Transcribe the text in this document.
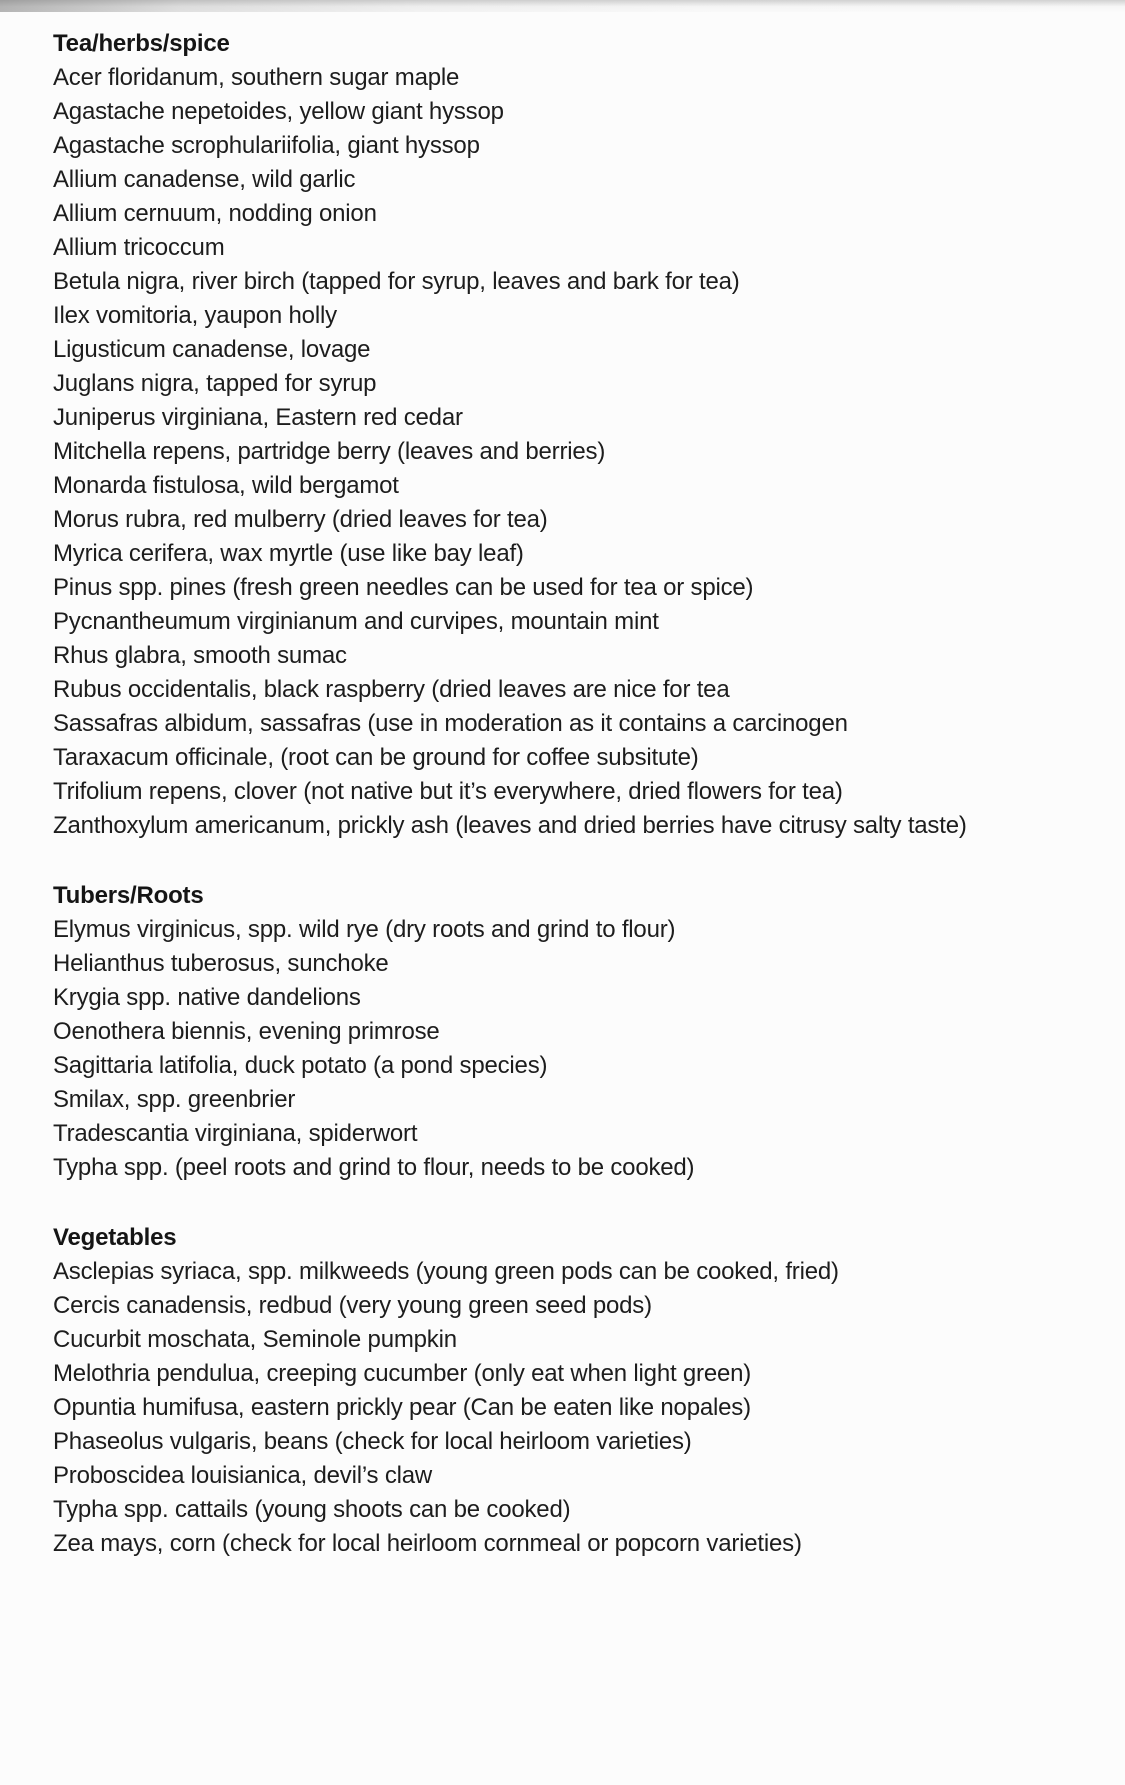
Tea/herbs/spice
Acer floridanum, southern sugar maple
Agastache nepetoides, yellow giant hyssop
Agastache scrophulariifolia, giant hyssop
Allium canadense, wild garlic
Allium cernuum, nodding onion
Allium tricoccum
Betula nigra, river birch (tapped for syrup, leaves and bark for tea)
Ilex vomitoria, yaupon holly
Ligusticum canadense, lovage
Juglans nigra, tapped for syrup
Juniperus virginiana, Eastern red cedar
Mitchella repens, partridge berry (leaves and berries)
Monarda fistulosa, wild bergamot
Morus rubra, red mulberry (dried leaves for tea)
Myrica cerifera, wax myrtle (use like bay leaf)
Pinus spp. pines (fresh green needles can be used for tea or spice)
Pycnantheumum virginianum and curvipes, mountain mint
Rhus glabra, smooth sumac
Rubus occidentalis, black raspberry (dried leaves are nice for tea
Sassafras albidum, sassafras (use in moderation as it contains a carcinogen
Taraxacum officinale, (root can be ground for coffee subsitute)
Trifolium repens, clover (not native but it’s everywhere, dried flowers for tea)
Zanthoxylum americanum, prickly ash (leaves and dried berries have citrusy salty taste)
Tubers/Roots
Elymus virginicus, spp. wild rye (dry roots and grind to flour)
Helianthus tuberosus, sunchoke
Krygia spp. native dandelions
Oenothera biennis, evening primrose
Sagittaria latifolia, duck potato (a pond species)
Smilax, spp. greenbrier
Tradescantia virginiana, spiderwort
Typha spp. (peel roots and grind to flour, needs to be cooked)
Vegetables
Asclepias syriaca, spp. milkweeds (young green pods can be cooked, fried)
Cercis canadensis, redbud (very young green seed pods)
Cucurbit moschata, Seminole pumpkin
Melothria pendulua, creeping cucumber (only eat when light green)
Opuntia humifusa, eastern prickly pear (Can be eaten like nopales)
Phaseolus vulgaris, beans (check for local heirloom varieties)
Proboscidea louisianica, devil’s claw
Typha spp. cattails (young shoots can be cooked)
Zea mays, corn (check for local heirloom cornmeal or popcorn varieties)
